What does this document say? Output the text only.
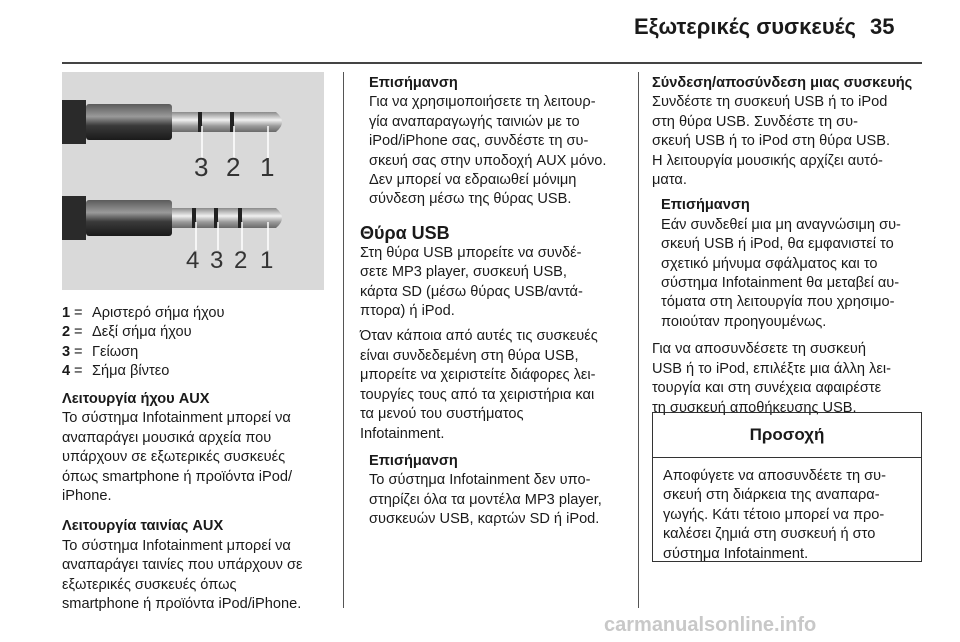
Εξωτερικές συσκευές 35
3 2 1
4 3 2 1
1 = Αριστερό σήμα ήχου
2 = Δεξί σήμα ήχου
3 = Γείωση
4 = Σήμα βίντεο
Λειτουργία ήχου AUX

Το σύστημα Infotainment μπορεί να
αναπαράγει μουσικά αρχεία που
υπάρχουν σε εξωτερικές συσκευές
όπως smartphone ή προϊόντα iPod/
iPhone.

Λειτουργία ταινίας AUX

Το σύστημα Infotainment μπορεί να
αναπαράγει ταινίες που υπάρχουν σε
εξωτερικές συσκευές όπως
smartphone ή προϊόντα iPod/iPhone.

Επισήμανση

Για να χρησιμοποιήσετε τη λειτουρ-
γία αναπαραγωγής ταινιών με το
iPod/iPhone σας, συνδέστε τη συ-
σκευή σας στην υποδοχή AUX μόνο.
Δεν μπορεί να εδραιωθεί μόνιμη
σύνδεση μέσω της θύρας USB.

Θύρα USB

Στη θύρα USB μπορείτε να συνδέ-
σετε MP3 player, συσκευή USB,
κάρτα SD (μέσω θύρας USB/αντά-
πτορα) ή iPod.

Όταν κάποια από αυτές τις συσκευές
είναι συνδεδεμένη στη θύρα USB,
μπορείτε να χειριστείτε διάφορες λει-
τουργίες τους από τα χειριστήρια και
τα μενού του συστήματος
Infotainment.

Επισήμανση

Το σύστημα Infotainment δεν υπο-
στηρίζει όλα τα μοντέλα MP3 player,
συσκευών USB, καρτών SD ή iPod.

Σύνδεση/αποσύνδεση μιας συσκευής

Συνδέστε τη συσκευή USB ή το iPod
στη θύρα USB. Συνδέστε τη συ-
σκευή USB ή το iPod στη θύρα USB.
Η λειτουργία μουσικής αρχίζει αυτό-
ματα.

Επισήμανση

Εάν συνδεθεί μια μη αναγνώσιμη συ-
σκευή USB ή iPod, θα εμφανιστεί το
σχετικό μήνυμα σφάλματος και το
σύστημα Infotainment θα μεταβεί αυ-
τόματα στη λειτουργία που χρησιμο-
ποιούταν προηγουμένως.

Για να αποσυνδέσετε τη συσκευή
USB ή το iPod, επιλέξτε μια άλλη λει-
τουργία και στη συνέχεια αφαιρέστε
τη συσκευή αποθήκευσης USB.

Προσοχή
Αποφύγετε να αποσυνδέετε τη συ-
σκευή στη διάρκεια της αναπαρα-
γωγής. Κάτι τέτοιο μπορεί να προ-
καλέσει ζημιά στη συσκευή ή στο
σύστημα Infotainment.
carmanualsonline.info
